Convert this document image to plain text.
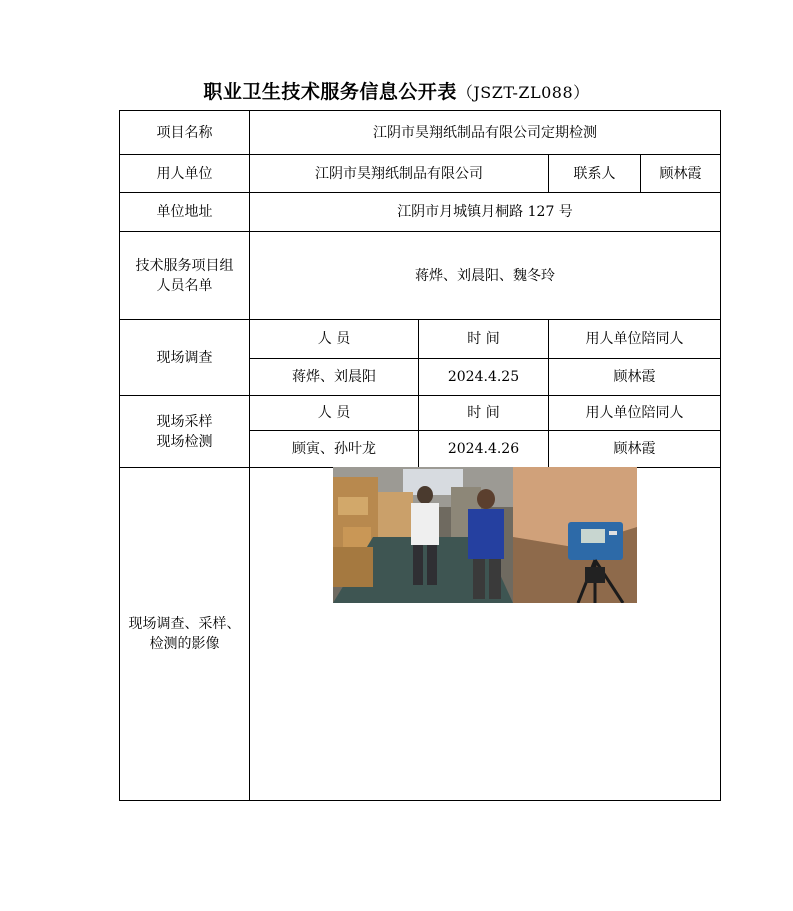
职业卫生技术服务信息公开表（JSZT-ZL088）
项目名称	江阴市昊翔纸制品有限公司定期检测			
用人单位	江阴市昊翔纸制品有限公司		联系人	顾林霞
单位地址	江阴市月城镇月桐路 127 号			

技术服务项目组
人员名单	蒋烨、刘晨阳、魏冬玲			
现场调查	人 员	时 间	用人单位陪同人	
	蒋烨、刘晨阳	2024.4.25	顾林霞	

现场采样
现场检测	人 员	时 间	用人单位陪同人	
	顾寅、孙叶龙	2024.4.26	顾林霞	

现场调查、采样、
检测的影像
